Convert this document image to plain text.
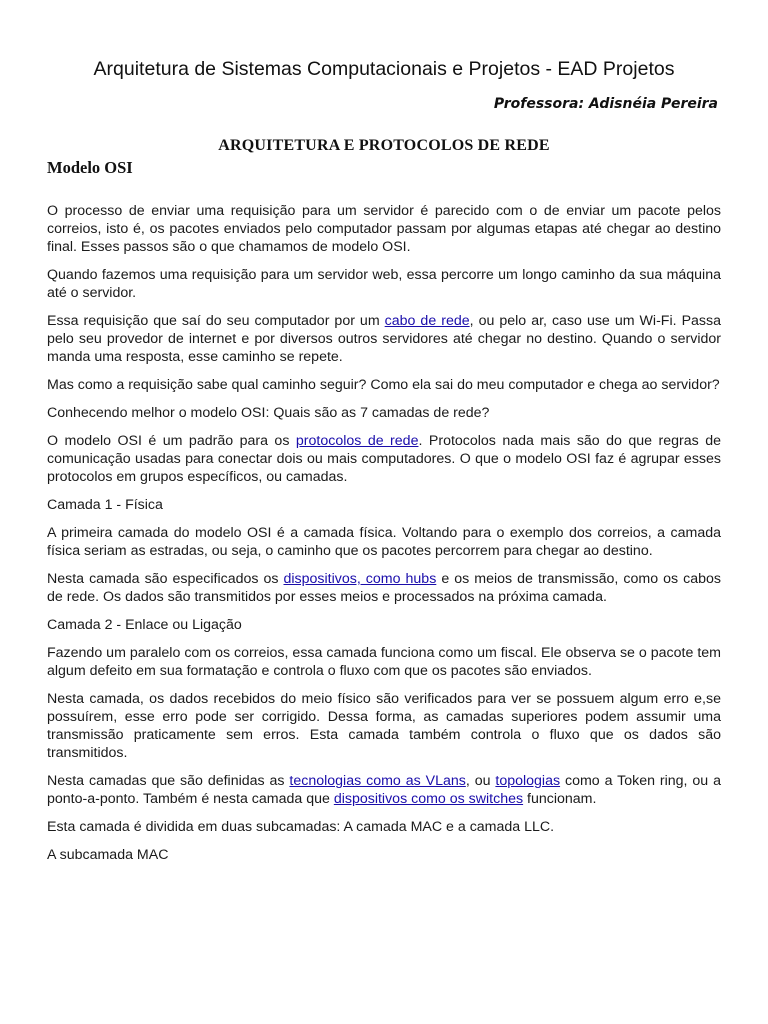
Arquitetura de Sistemas Computacionais e Projetos - EAD Projetos
Professora: Adisnéia Pereira
ARQUITETURA E PROTOCOLOS DE REDE
Modelo OSI

O processo de enviar uma requisição para um servidor é parecido com o de enviar um pacote pelos correios, isto é, os pacotes enviados pelo computador passam por algumas etapas até chegar ao destino final. Esses passos são o que chamamos de modelo OSI.

Quando fazemos uma requisição para um servidor web, essa percorre um longo caminho da sua máquina até o servidor.

Essa requisição que saí do seu computador por um cabo de rede, ou pelo ar, caso use um Wi-Fi. Passa pelo seu provedor de internet e por diversos outros servidores até chegar no destino. Quando o servidor manda uma resposta, esse caminho se repete.

Mas como a requisição sabe qual caminho seguir? Como ela sai do meu computador e chega ao servidor?

Conhecendo melhor o modelo OSI: Quais são as 7 camadas de rede?

O modelo OSI é um padrão para os protocolos de rede. Protocolos nada mais são do que regras de comunicação usadas para conectar dois ou mais computadores. O que o modelo OSI faz é agrupar esses protocolos em grupos específicos, ou camadas.

Camada 1 - Física

A primeira camada do modelo OSI é a camada física. Voltando para o exemplo dos correios, a camada física seriam as estradas, ou seja, o caminho que os pacotes percorrem para chegar ao destino.

Nesta camada são especificados os dispositivos, como hubs e os meios de transmissão, como os cabos de rede. Os dados são transmitidos por esses meios e processados na próxima camada.

Camada 2 - Enlace ou Ligação

Fazendo um paralelo com os correios, essa camada funciona como um fiscal. Ele observa se o pacote tem algum defeito em sua formatação e controla o fluxo com que os pacotes são enviados.

Nesta camada, os dados recebidos do meio físico são verificados para ver se possuem algum erro e,se possuírem, esse erro pode ser corrigido. Dessa forma, as camadas superiores podem assumir uma transmissão praticamente sem erros. Esta camada também controla o fluxo que os dados são transmitidos.

Nesta camadas que são definidas as tecnologias como as VLans, ou topologias como a Token ring, ou a ponto-a-ponto. Também é nesta camada que dispositivos como os switches funcionam.

Esta camada é dividida em duas subcamadas: A camada MAC e a camada LLC.

A subcamada MAC
